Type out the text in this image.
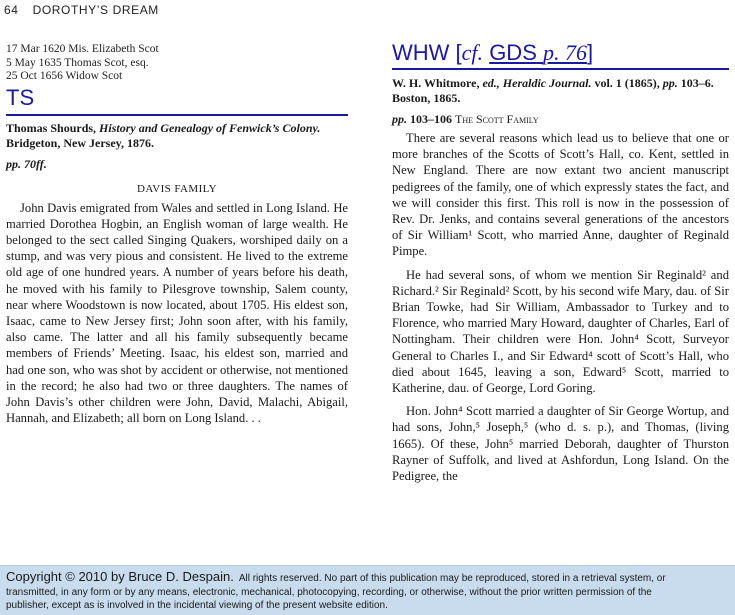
64 DOROTHY’S DREAM
17 Mar 1620 Mis. Elizabeth Scot
5 May 1635 Thomas Scot, esq.
25 Oct 1656 Widow Scot
TS
Thomas Shourds, History and Genealogy of Fenwick’s Colony. Bridgeton, New Jersey, 1876.
pp. 70ff.
DAVIS FAMILY

John Davis emigrated from Wales and settled in Long Island. He married Dorothea Hogbin, an English woman of large wealth. He belonged to the sect called Singing Quakers, worshiped daily on a stump, and was very pious and consistent. He lived to the extreme old age of one hundred years. A number of years before his death, he moved with his family to Pilesgrove township, Salem county, near where Woodstown is now located, about 1705. His eldest son, Isaac, came to New Jersey first; John soon after, with his family, also came. The latter and all his family subsequently became members of Friends’ Meeting. Isaac, his eldest son, married and had one son, who was shot by accident or otherwise, not mentioned in the record; he also had two or three daughters. The names of John Davis’s other children were John, David, Malachi, Abigail, Hannah, and Elizabeth; all born on Long Island. . .

WHW [cf. GDS p. 76]
W. H. Whitmore, ed., Heraldic Journal. vol. 1 (1865), pp. 103–6. Boston, 1865.
pp. 103–106 The Scott Family

There are several reasons which lead us to believe that one or more branches of the Scotts of Scott’s Hall, co. Kent, settled in New England. There are now extant two ancient manuscript pedigrees of the family, one of which expressly states the fact, and we will consider this first. This roll is now in the possession of Rev. Dr. Jenks, and contains several generations of the ancestors of Sir William¹ Scott, who married Anne, daughter of Reginald Pimpe.

He had several sons, of whom we mention Sir Reginald² and Richard.² Sir Reginald² Scott, by his second wife Mary, dau. of Sir Brian Towke, had Sir William, Ambassador to Turkey and to Florence, who married Mary Howard, daughter of Charles, Earl of Nottingham. Their children were Hon. John⁴ Scott, Surveyor General to Charles I., and Sir Edward⁴ scott of Scott’s Hall, who died about 1645, leaving a son, Edward⁵ Scott, married to Katherine, dau. of George, Lord Goring.

Hon. John⁴ Scott married a daughter of Sir George Wortup, and had sons, John,⁵ Joseph,⁵ (who d. s. p.), and Thomas, (living 1665). Of these, John⁵ married Deborah, daughter of Thurston Rayner of Suffolk, and lived at Ashfordun, Long Island. On the Pedigree, the

Copyright © 2010 by Bruce D. Despain. All rights reserved. No part of this publication may be reproduced, stored in a retrieval system, or
transmitted, in any form or by any means, electronic, mechanical, photocopying, recording, or otherwise, without the prior written permission of the
publisher, except as is involved in the incidental viewing of the present website edition.
